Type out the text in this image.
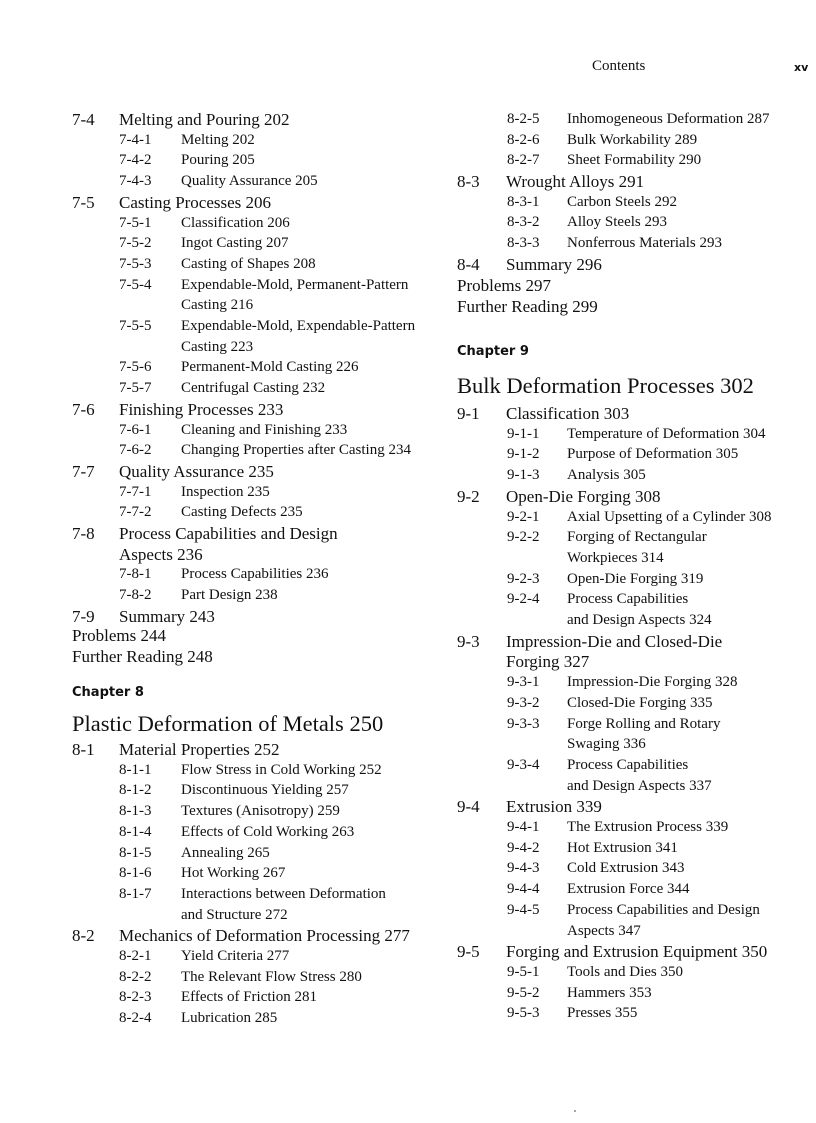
Contents	xv
7-4 Melting and Pouring 202
7-4-1 Melting 202
7-4-2 Pouring 205
7-4-3 Quality Assurance 205
7-5 Casting Processes 206
7-5-1 Classification 206
7-5-2 Ingot Casting 207
7-5-3 Casting of Shapes 208
7-5-4 Expendable-Mold, Permanent-Pattern
Casting 216
7-5-5 Expendable-Mold, Expendable-Pattern
Casting 223
7-5-6 Permanent-Mold Casting 226
7-5-7 Centrifugal Casting 232
7-6 Finishing Processes 233
7-6-1 Cleaning and Finishing 233
7-6-2 Changing Properties after Casting 234
7-7 Quality Assurance 235
7-7-1 Inspection 235
7-7-2 Casting Defects 235
7-8 Process Capabilities and Design
Aspects 236
7-8-1 Process Capabilities 236
7-8-2 Part Design 238
7-9 Summary 243
Problems 244
Further Reading 248
Chapter 8
Plastic Deformation of Metals 250
8-1 Material Properties 252
8-1-1 Flow Stress in Cold Working 252
8-1-2 Discontinuous Yielding 257
8-1-3 Textures (Anisotropy) 259
8-1-4 Effects of Cold Working 263
8-1-5 Annealing 265
8-1-6 Hot Working 267
8-1-7 Interactions between Deformation
and Structure 272
8-2 Mechanics of Deformation Processing 277
8-2-1 Yield Criteria 277
8-2-2 The Relevant Flow Stress 280
8-2-3 Effects of Friction 281
8-2-4 Lubrication 285
8-2-5 Inhomogeneous Deformation 287
8-2-6 Bulk Workability 289
8-2-7 Sheet Formability 290
8-3 Wrought Alloys 291
8-3-1 Carbon Steels 292
8-3-2 Alloy Steels 293
8-3-3 Nonferrous Materials 293
8-4 Summary 296
Problems 297
Further Reading 299
Chapter 9
Bulk Deformation Processes 302
9-1 Classification 303
9-1-1 Temperature of Deformation 304
9-1-2 Purpose of Deformation 305
9-1-3 Analysis 305
9-2 Open-Die Forging 308
9-2-1 Axial Upsetting of a Cylinder 308
9-2-2 Forging of Rectangular
Workpieces 314
9-2-3 Open-Die Forging 319
9-2-4 Process Capabilities
and Design Aspects 324
9-3 Impression-Die and Closed-Die
Forging 327
9-3-1 Impression-Die Forging 328
9-3-2 Closed-Die Forging 335
9-3-3 Forge Rolling and Rotary
Swaging 336
9-3-4 Process Capabilities
and Design Aspects 337
9-4 Extrusion 339
9-4-1 The Extrusion Process 339
9-4-2 Hot Extrusion 341
9-4-3 Cold Extrusion 343
9-4-4 Extrusion Force 344
9-4-5 Process Capabilities and Design
Aspects 347
9-5 Forging and Extrusion Equipment 350
9-5-1 Tools and Dies 350
9-5-2 Hammers 353
9-5-3 Presses 355
